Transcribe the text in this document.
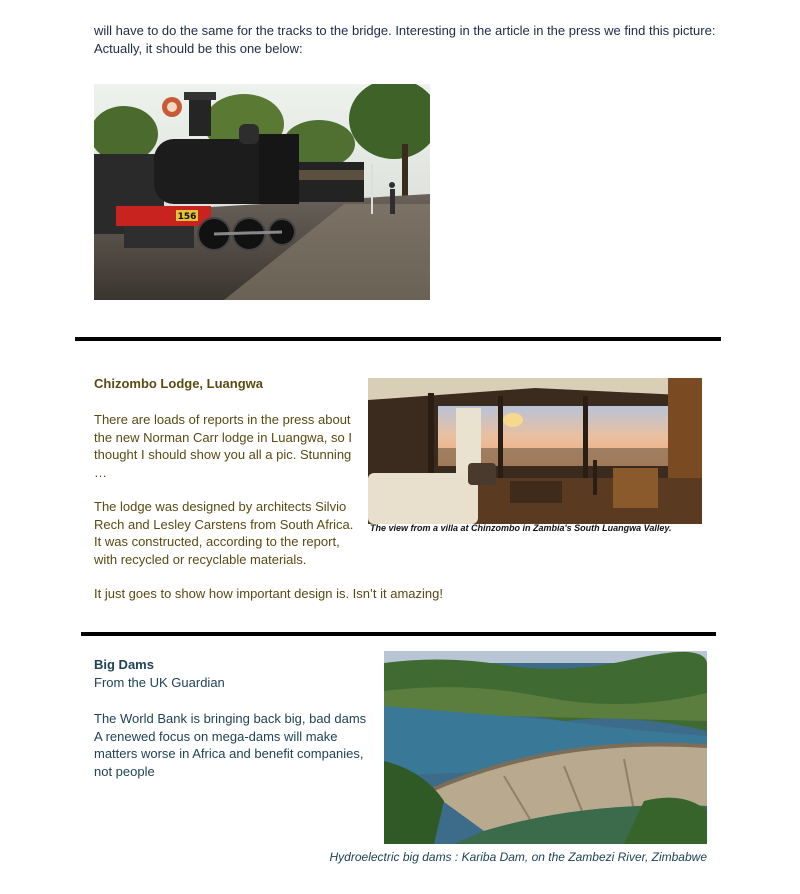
will have to do the same for the tracks to the bridge. Interesting in the article in the press we find this picture: Actually, it should be this one below:
156
Chizombo Lodge, Luangwa
There are loads of reports in the press about the new Norman Carr lodge in Luangwa, so I thought I should show you all a pic. Stunning …
The lodge was designed by architects Silvio Rech and Lesley Carstens from South Africa. It was constructed, according to the report, with recycled or recyclable materials.
It just goes to show how important design is. Isn’t it amazing!
The view from a villa at Chinzombo in Zambia's South Luangwa Valley.
Big Dams
From the UK Guardian
The World Bank is bringing back big, bad dams A renewed focus on mega-dams will make matters worse in Africa and benefit companies, not people
Hydroelectric big dams : Kariba Dam, on the Zambezi River, Zimbabwe
